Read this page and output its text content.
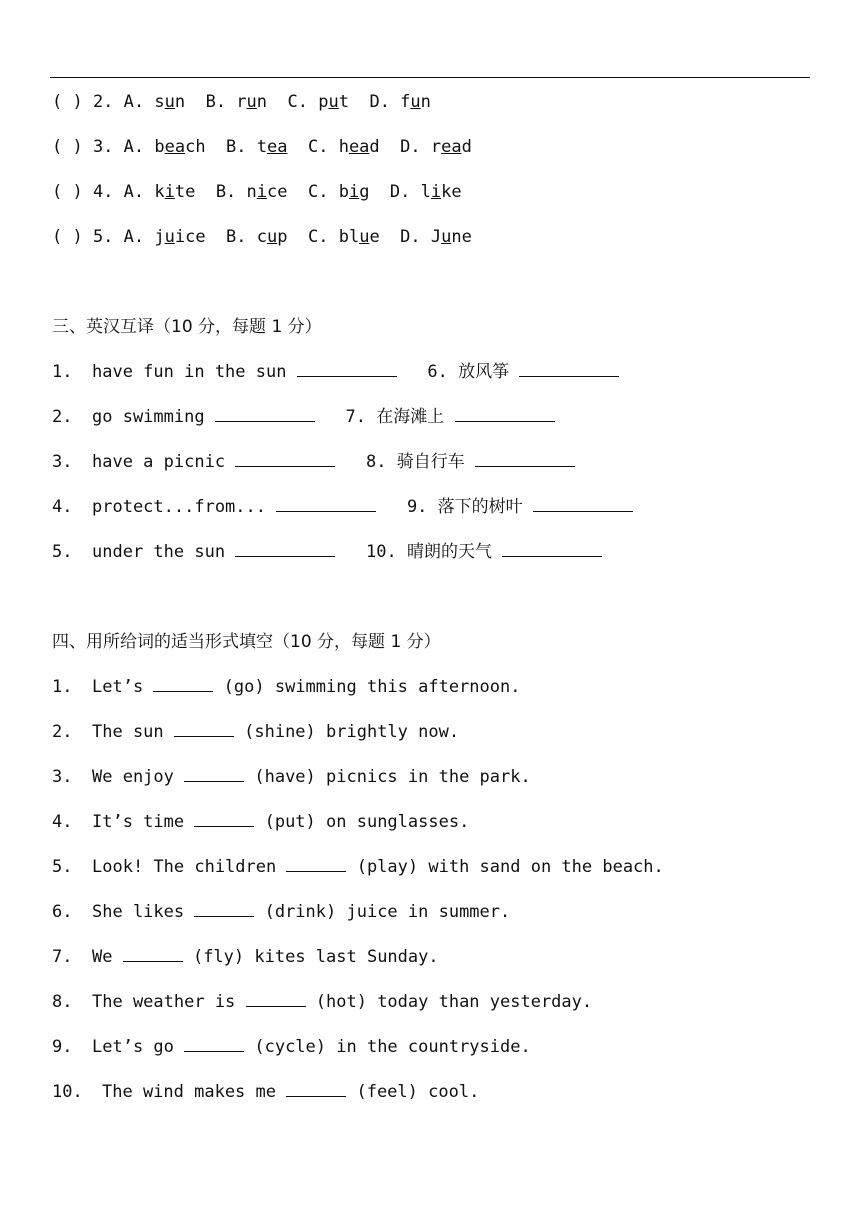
( ) 2. A. sun  B. run  C. put  D. fun
( ) 3. A. beach  B. tea  C. head  D. read
( ) 4. A. kite  B. nice  C. big  D. like
( ) 5. A. juice  B. cup  C. blue  D. June
三、英汉互译（10 分，每题 1 分）
1. have fun in the sun	6. 放风筝
2. go swimming	7. 在海滩上
3. have a picnic	8. 骑自行车
4. protect...from...	9. 落下的树叶
5. under the sun	10. 晴朗的天气
四、用所给词的适当形式填空（10 分，每题 1 分）
1. Let’s	(go) swimming this afternoon.
2. The sun	(shine) brightly now.
3. We enjoy	(have) picnics in the park.
4. It’s time	(put) on sunglasses.
5. Look! The children	(play) with sand on the beach.
6. She likes	(drink) juice in summer.
7. We	(fly) kites last Sunday.
8. The weather is	(hot) today than yesterday.
9. Let’s go	(cycle) in the countryside.
10. The wind makes me	(feel) cool.
